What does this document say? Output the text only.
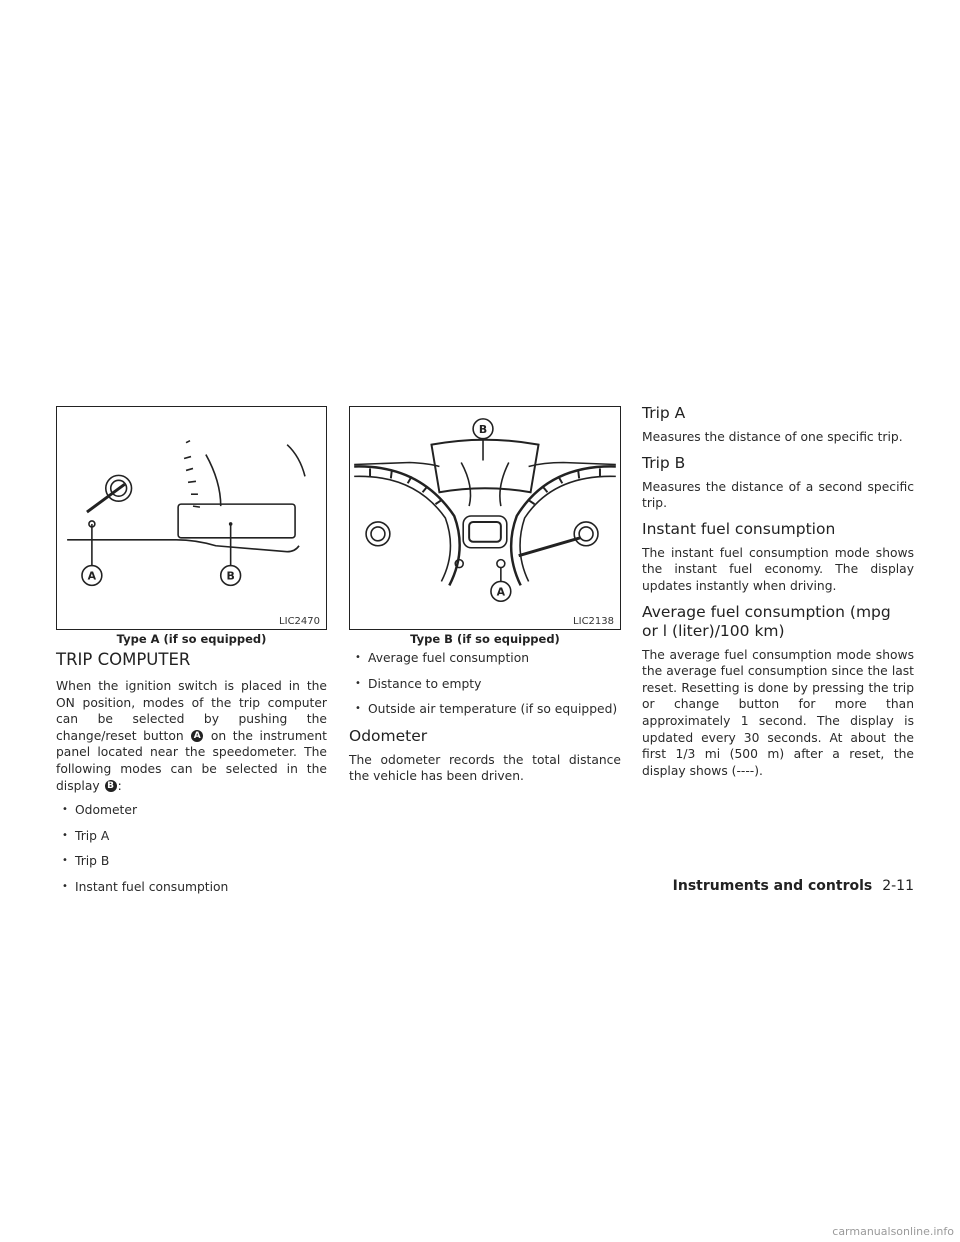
A	B
LIC2470
Type A (if so equipped)
B
A
LIC2138
Type B (if so equipped)
TRIP COMPUTER

When the ignition switch is placed in the ON position, modes of the trip computer can be selected by pushing the change/reset button A on the instrument panel located near the speedometer. The following modes can be selected in the display B :

• Odometer
• Trip A
• Trip B
• Instant fuel consumption
• Average fuel consumption
• Distance to empty
• Outside air temperature (if so equipped)
Odometer

The odometer records the total distance the vehicle has been driven.

Trip A

Measures the distance of one specific trip.

Trip B

Measures the distance of a second specific trip.

Instant fuel consumption

The instant fuel consumption mode shows the instant fuel economy. The display updates instantly when driving.

Average fuel consumption (mpg
or l (liter)/100 km)

The average fuel consumption mode shows the average fuel consumption since the last reset. Resetting is done by pressing the trip or change button for more than approximately 1 second. The display is updated every 30 seconds. At about the first 1/3 mi (500 m) after a reset, the display shows (----).

Instruments and controls 2-11
carmanualsonline.info
